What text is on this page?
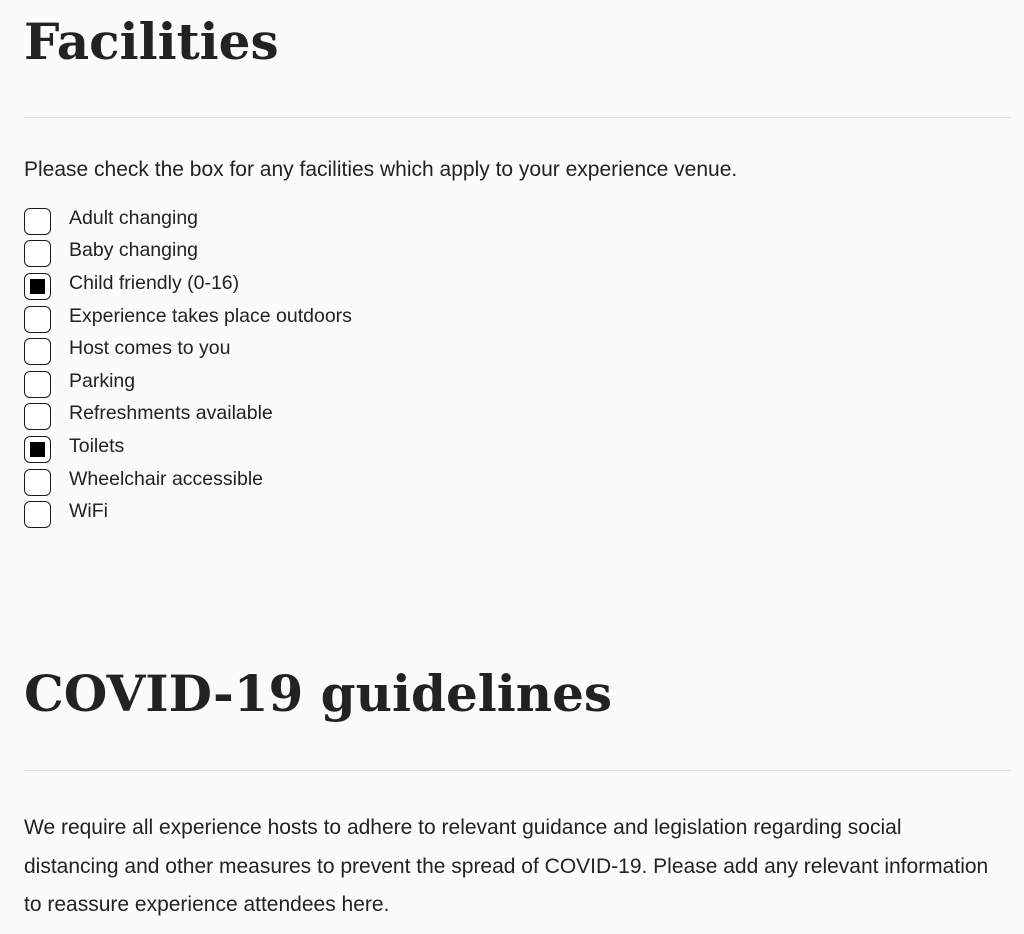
Facilities

Please check the box for any facilities which apply to your experience venue.

Adult changing
Baby changing
Child friendly (0-16)
Experience takes place outdoors
Host comes to you
Parking
Refreshments available
Toilets
Wheelchair accessible
WiFi
COVID-19 guidelines

We require all experience hosts to adhere to relevant guidance and legislation regarding social distancing and other measures to prevent the spread of COVID-19. Please add any relevant information to reassure experience attendees here.
